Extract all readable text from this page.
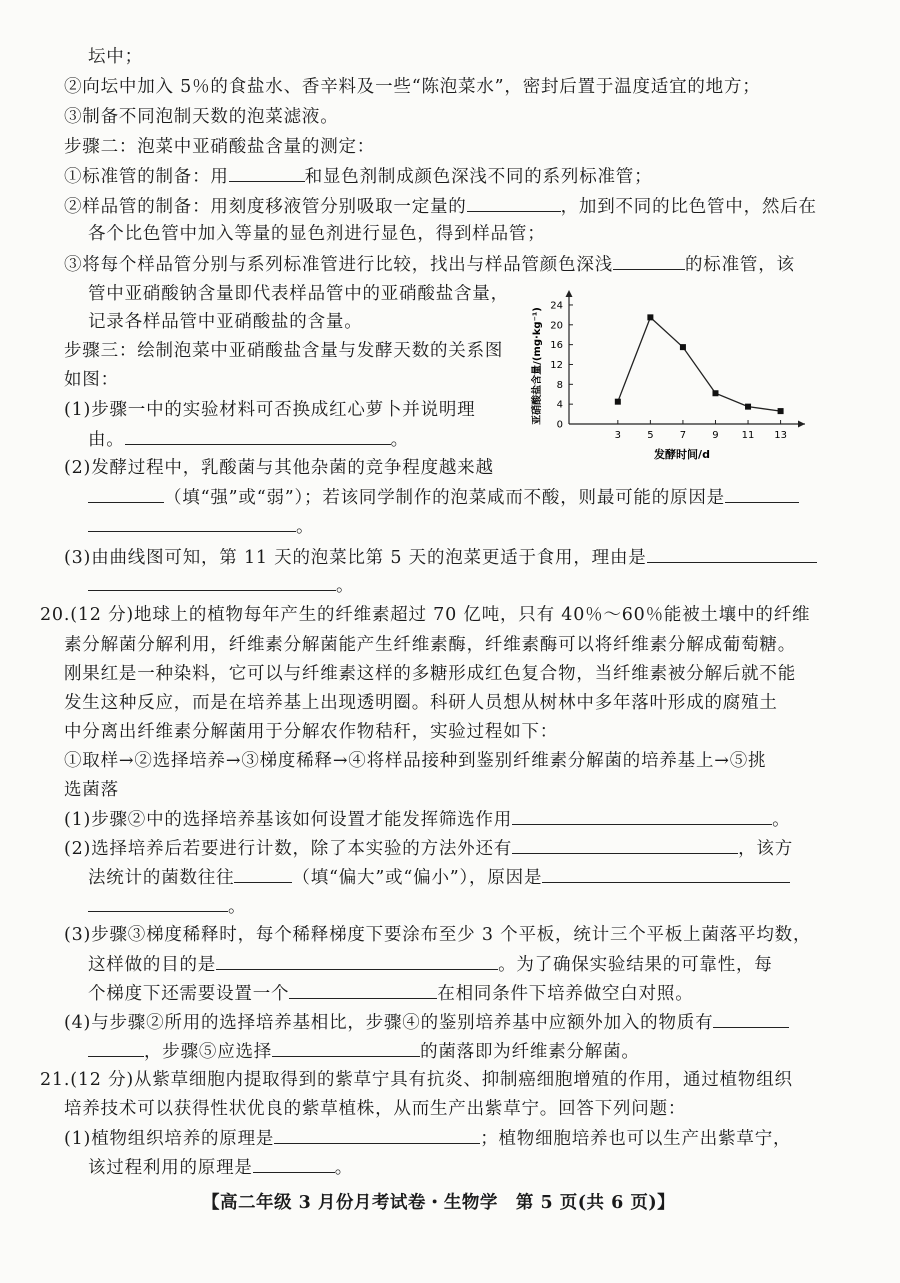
坛中；
②向坛中加入 5％的食盐水、香辛料及一些“陈泡菜水”，密封后置于温度适宜的地方；
③制备不同泡制天数的泡菜滤液。
步骤二：泡菜中亚硝酸盐含量的测定：
①标准管的制备：用	和显色剂制成颜色深浅不同的系列标准管；
②样品管的制备：用刻度移液管分别吸取一定量的	，加到不同的比色管中，然后在
各个比色管中加入等量的显色剂进行显色，得到样品管；
③将每个样品管分别与系列标准管进行比较，找出与样品管颜色深浅	的标准管，该
管中亚硝酸钠含量即代表样品管中的亚硝酸盐含量，
记录各样品管中亚硝酸盐的含量。
步骤三：绘制泡菜中亚硝酸盐含量与发酵天数的关系图
如图：
0
4
8
12
16
20
24
3	5	7	9 11 13
亚硝酸盐含量/(mg·kg⁻¹)
发酵时间/d
(1)步骤一中的实验材料可否换成红心萝卜并说明理
由。	。
(2)发酵过程中，乳酸菌与其他杂菌的竞争程度越来越
（填“强”或“弱”）；若该同学制作的泡菜咸而不酸，则最可能的原因是
。
(3)由曲线图可知，第 11 天的泡菜比第 5 天的泡菜更适于食用，理由是
。
20.(12 分)地球上的植物每年产生的纤维素超过 70 亿吨，只有 40％～60％能被土壤中的纤维
素分解菌分解利用，纤维素分解菌能产生纤维素酶，纤维素酶可以将纤维素分解成葡萄糖。
刚果红是一种染料，它可以与纤维素这样的多糖形成红色复合物，当纤维素被分解后就不能
发生这种反应，而是在培养基上出现透明圈。科研人员想从树林中多年落叶形成的腐殖土
中分离出纤维素分解菌用于分解农作物秸秆，实验过程如下：
①取样→②选择培养→③梯度稀释→④将样品接种到鉴别纤维素分解菌的培养基上→⑤挑
选菌落
(1)步骤②中的选择培养基该如何设置才能发挥筛选作用	。
(2)选择培养后若要进行计数，除了本实验的方法外还有	，该方
法统计的菌数往往	（填“偏大”或“偏小”），原因是
。
(3)步骤③梯度稀释时，每个稀释梯度下要涂布至少 3 个平板，统计三个平板上菌落平均数，
这样做的目的是	。为了确保实验结果的可靠性，每
个梯度下还需要设置一个	在相同条件下培养做空白对照。
(4)与步骤②所用的选择培养基相比，步骤④的鉴别培养基中应额外加入的物质有
，步骤⑤应选择	的菌落即为纤维素分解菌。
21.(12 分)从紫草细胞内提取得到的紫草宁具有抗炎、抑制癌细胞增殖的作用，通过植物组织
培养技术可以获得性状优良的紫草植株，从而生产出紫草宁。回答下列问题：
(1)植物组织培养的原理是	；植物细胞培养也可以生产出紫草宁，
该过程利用的原理是	。
【高二年级 3 月份月考试卷・生物学　第 5 页(共 6 页)】
